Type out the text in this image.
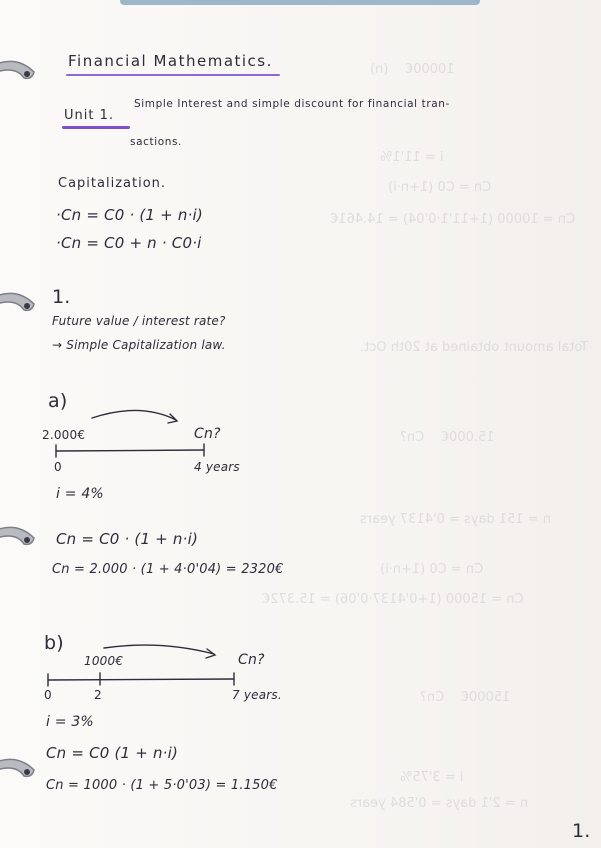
10000€    (n)
i = 11'1%
Cn = C0 (1+n·i)
Cn = 10000 (1+11'1·0'04) = 14.461€
Total amount obtained at 20th Oct.
15.000€    Cn?
n = 151 days = 0'4137 years
Cn = C0 (1+n·i)
Cn = 15000 (1+0'4137·0'06) = 15.372€
15000€    Cn?
i = 3'75%
n = 2'1 days = 0'584 years
Financial Mathematics.
Unit 1.
Simple Interest and simple discount for financial tran-
sactions.
Capitalization.
·Cn = C0 · (1 + n·i)
·Cn = C0 + n · C0·i
1.
Future value / interest rate?
→ Simple Capitalization law.
a)
2.000€	Cn?
0	4 years
i = 4%
Cn = C0 · (1 + n·i)
Cn = 2.000 · (1 + 4·0'04) = 2320€
b)
1000€	Cn?
0	2	7 years.
i = 3%
Cn = C0 (1 + n·i)
Cn = 1000 · (1 + 5·0'03) = 1.150€
1.
